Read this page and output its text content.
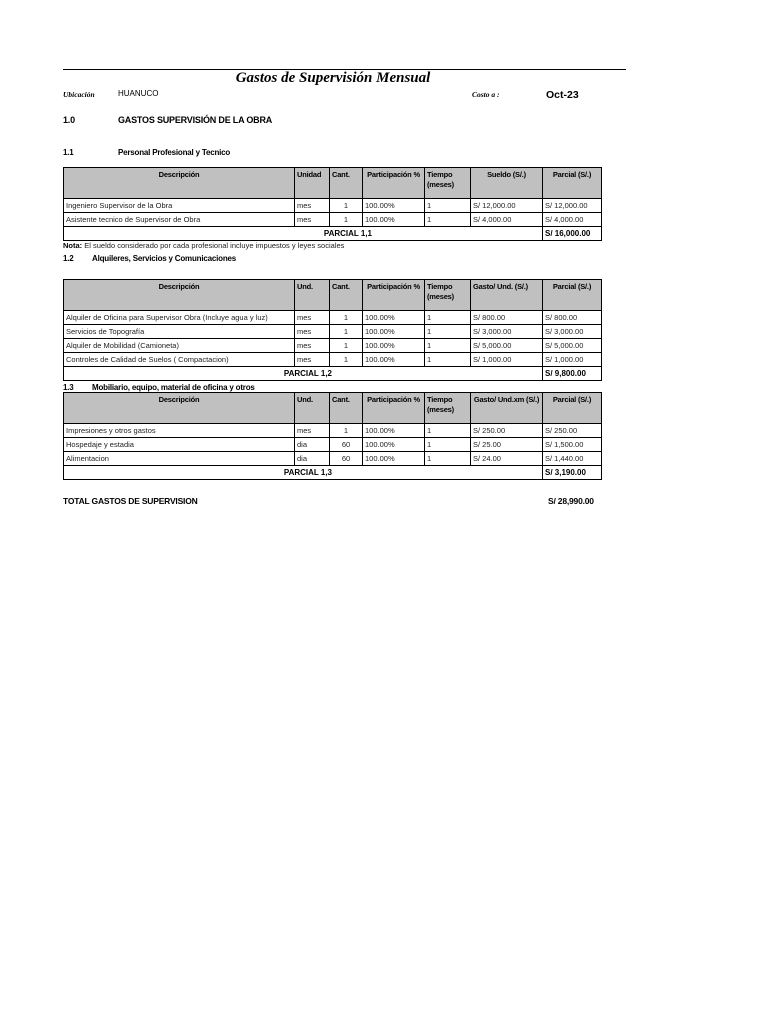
Gastos de Supervisión Mensual
Ubicación	HUANUCO	Costo a :	Oct-23
1.0	GASTOS SUPERVISIÓN DE LA OBRA
1.1	Personal Profesional y Tecnico
Descripción	Unidad	Cant.	Participación %	Tiempo (meses)	Sueldo (S/.)	Parcial (S/.)
Ingeniero Supervisor de la Obra	mes	1	100.00%	1	S/ 12,000.00	S/ 12,000.00
Asistente tecnico de Supervisor de Obra	mes	1	100.00%	1	S/ 4,000.00	S/ 4,000.00
PARCIAL 1,1						S/ 16,000.00
Nota: El sueldo considerado por cada profesional incluye impuestos y leyes sociales
1.2 Alquileres, Servicios y Comunicaciones
Descripción	Und.	Cant.	Participación %	Tiempo (meses)	Gasto/ Und. (S/.)	Parcial (S/.)
Alquiler de Oficina para Supervisor Obra (Incluye agua y luz)	mes	1	100.00%	1	S/ 800.00	S/ 800.00
Servicios de Topografía	mes	1	100.00%	1	S/ 3,000.00	S/ 3,000.00
Alquiler de Mobilidad (Camioneta)	mes	1	100.00%	1	S/ 5,000.00	S/ 5,000.00
Controles de Calidad de Suelos ( Compactacion)	mes	1	100.00%	1	S/ 1,000.00	S/ 1,000.00
PARCIAL 1,2						S/ 9,800.00
1.3 Mobiliario, equipo, material de oficina y otros
Descripción	Und.	Cant.	Participación %	Tiempo (meses)	Gasto/ Und.xm (S/.)	Parcial (S/.)
Impresiones y otros gastos	mes	1	100.00%	1	S/ 250.00	S/ 250.00
Hospedaje y estadia	dia	60	100.00%	1	S/ 25.00	S/ 1,500.00
Alimentacion	dia	60	100.00%	1	S/ 24.00	S/ 1,440.00
PARCIAL 1,3						S/ 3,190.00
TOTAL GASTOS DE SUPERVISION	S/ 28,990.00
